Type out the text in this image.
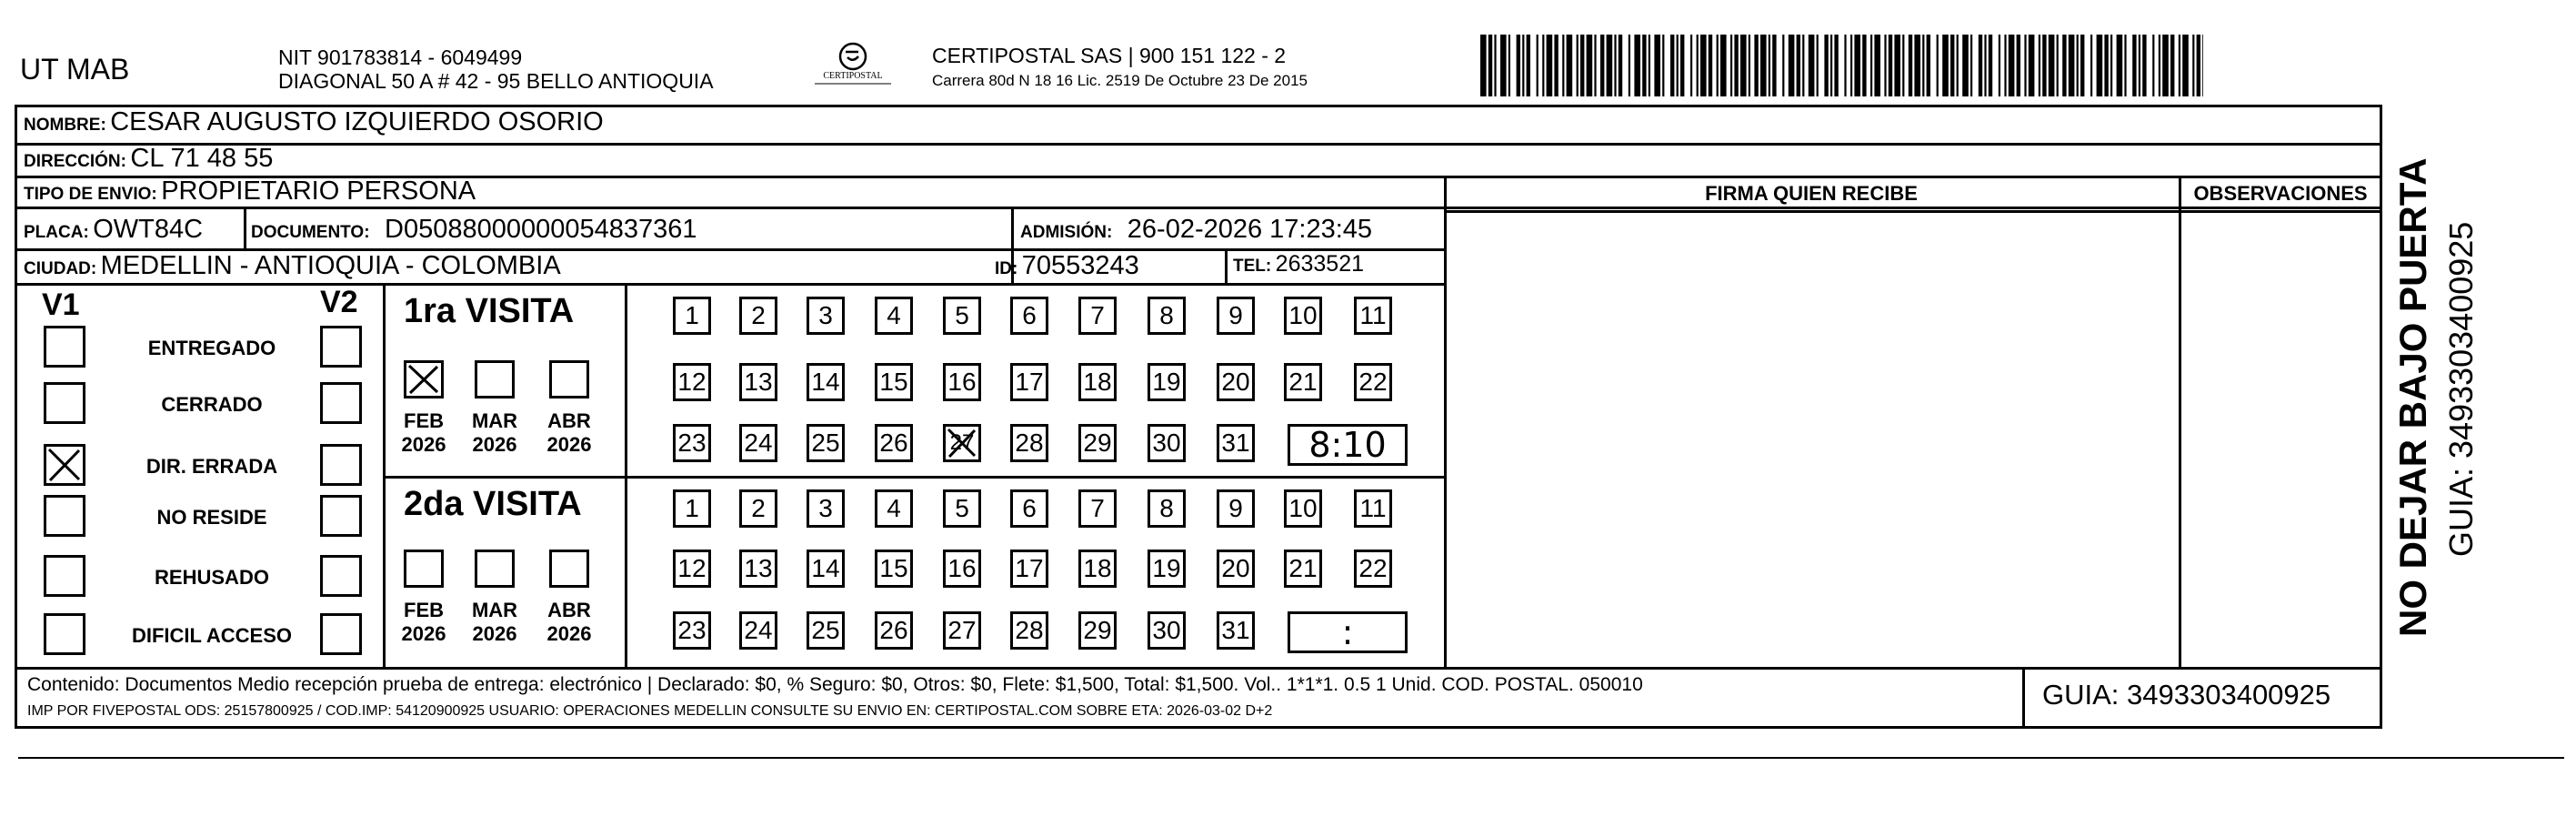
UT MAB	NIT 901783814 - 6049499
DIAGONAL 50 A # 42 - 95 BELLO ANTIOQUIA	CERTIPOSTAL
CERTIPOSTAL SAS | 900 151 122 - 2
Carrera 80d N 18 16 Lic. 2519 De Octubre 23 De 2015
NOMBRE: CESAR AUGUSTO IZQUIERDO OSORIO
DIRECCIÓN: CL 71 48 55
TIPO DE ENVIO: PROPIETARIO PERSONA
PLACA: OWT84C	DOCUMENTO: D05088000000054837361	ADMISIÓN: 26-02-2026 17:23:45
CIUDAD: MEDELLIN - ANTIOQUIA - COLOMBIA	ID: 70553243	TEL: 2633521
FIRMA QUIEN RECIBE	OBSERVACIONES
V1	V2
ENTREGADO
CERRADO
DIR. ERRADA
NO RESIDE
REHUSADO
DIFICIL ACCESO
1ra VISITA
2da VISITA
FEB
2026
MAR
2026
ABR
2026
FEB
2026
MAR
2026
ABR
2026
1	2	3	4	5	6	7	8	9	10 11
12 13 14 15 16 17 18 19 20 21 22
23 24 25 26	27 28 29 30 31 8:10
1	2	3	4	5	6	7	8	9	10 11
12 13 14 15 16 17 18 19 20 21 22
23 24 25 26 27 28 29 30 31	:
Contenido: Documentos Medio recepción prueba de entrega: electrónico | Declarado: $0, % Seguro: $0, Otros: $0, Flete: $1,500, Total: $1,500. Vol.. 1*1*1. 0.5 1 Unid. COD. POSTAL. 050010
IMP POR FIVEPOSTAL ODS: 25157800925 / COD.IMP: 54120900925 USUARIO: OPERACIONES MEDELLIN CONSULTE SU ENVIO EN: CERTIPOSTAL.COM SOBRE ETA: 2026-03-02 D+2
GUIA: 3493303400925
NO DEJAR BAJO PUERTA GUIA: 3493303400925
